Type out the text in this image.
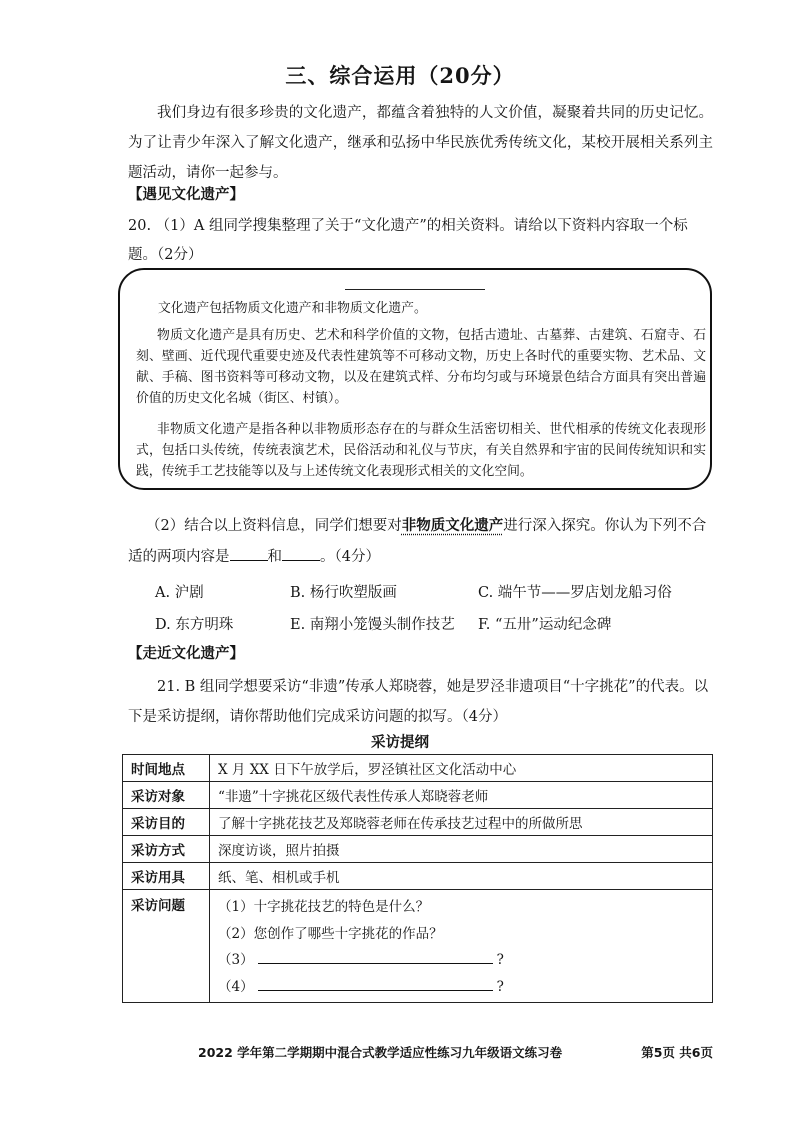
三、综合运用（20分）
我们身边有很多珍贵的文化遗产，都蕴含着独特的人文价值，凝聚着共同的历史记忆。为了让青少年深入了解文化遗产，继承和弘扬中华民族优秀传统文化，某校开展相关系列主题活动，请你一起参与。
【遇见文化遗产】
20. （1）A 组同学搜集整理了关于“文化遗产”的相关资料。请给以下资料内容取一个标题。（2分）
文化遗产包括物质文化遗产和非物质文化遗产。
物质文化遗产是具有历史、艺术和科学价值的文物，包括古遗址、古墓葬、古建筑、石窟寺、石刻、壁画、近代现代重要史迹及代表性建筑等不可移动文物，历史上各时代的重要实物、艺术品、文献、手稿、图书资料等可移动文物，以及在建筑式样、分布均匀或与环境景色结合方面具有突出普遍价值的历史文化名城（街区、村镇）。
非物质文化遗产是指各种以非物质形态存在的与群众生活密切相关、世代相承的传统文化表现形式，包括口头传统，传统表演艺术，民俗活动和礼仪与节庆，有关自然界和宇宙的民间传统知识和实践，传统手工艺技能等以及与上述传统文化表现形式相关的文化空间。
（2）结合以上资料信息，同学们想要对非物质文化遗产进行深入探究。你认为下列不合适的两项内容是	和	。（4分）
A. 沪剧	B. 杨行吹塑版画	C. 端午节——罗店划龙船习俗
D. 东方明珠	E. 南翔小笼馒头制作技艺 F. “五卅”运动纪念碑
【走近文化遗产】
21. B 组同学想要采访“非遗”传承人郑晓蓉，她是罗泾非遗项目“十字挑花”的代表。以下是采访提纲，请你帮助他们完成采访问题的拟写。（4分）
采访提纲
时间地点	X 月 XX 日下午放学后，罗泾镇社区文化活动中心
采访对象	“非遗”十字挑花区级代表性传承人郑晓蓉老师
采访目的	了解十字挑花技艺及郑晓蓉老师在传承技艺过程中的所做所思
采访方式	深度访谈，照片拍摄
采访用具	纸、笔、相机或手机
采访问题	（1）十字挑花技艺的特色是什么？
（2）您创作了哪些十字挑花的作品？
（3） ?
（4） ?
2022 学年第二学期期中混合式教学适应性练习九年级语文练习卷	第5页 共6页
